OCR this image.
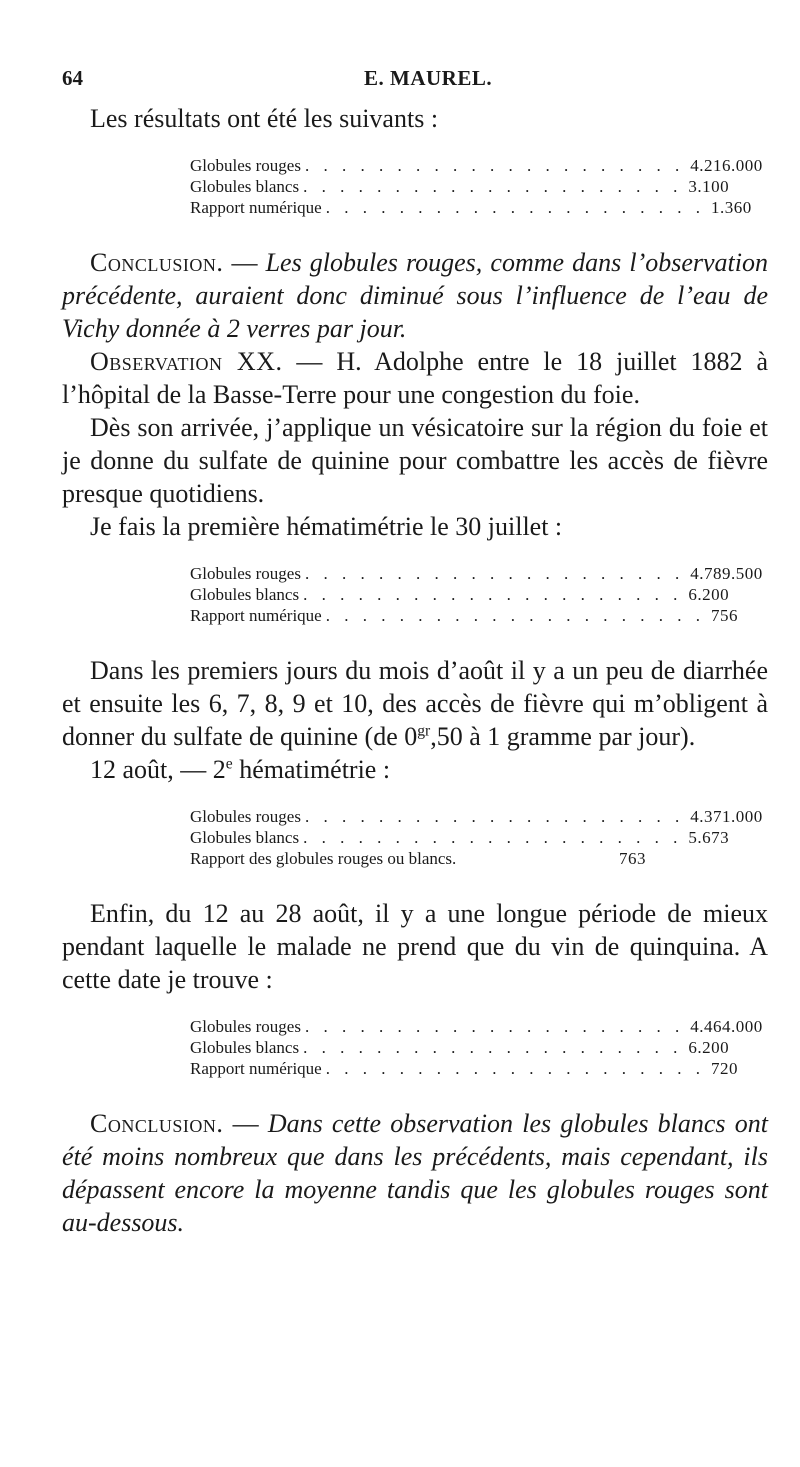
64	E. MAUREL.

Les résultats ont été les suivants :

Globules rouges . . . . . . . . . . . . . . . . . . . . . 4.216.000
Globules blancs . . . . . . . . . . . . . . . . . . . . . 3.100
Rapport numérique . . . . . . . . . . . . . . . . . . . . . 1.360

Conclusion. — Les globules rouges, comme dans l’observation précédente, auraient donc diminué sous l’influence de l’eau de Vichy donnée à 2 verres par jour.

Observation XX. — H. Adolphe entre le 18 juillet 1882 à l’hôpital de la Basse-Terre pour une congestion du foie.

Dès son arrivée, j’applique un vésicatoire sur la région du foie et je donne du sulfate de quinine pour combattre les accès de fièvre presque quotidiens.

Je fais la première hématimétrie le 30 juillet :

Globules rouges . . . . . . . . . . . . . . . . . . . . . 4.789.500
Globules blancs . . . . . . . . . . . . . . . . . . . . . 6.200
Rapport numérique . . . . . . . . . . . . . . . . . . . . . 756

Dans les premiers jours du mois d’août il y a un peu de diarrhée et ensuite les 6, 7, 8, 9 et 10, des accès de fièvre qui m’obligent à donner du sulfate de quinine (de $0^{gr},50$ à 1 gramme par jour).

12 août, — 2e hématimétrie :

Globules rouges . . . . . . . . . . . . . . . . . . . . . 4.371.000
Globules blancs . . . . . . . . . . . . . . . . . . . . . 5.673
Rapport des globules rouges ou blancs.	763

Enfin, du 12 au 28 août, il y a une longue période de mieux pendant laquelle le malade ne prend que du vin de quinquina. A cette date je trouve :

Globules rouges . . . . . . . . . . . . . . . . . . . . . 4.464.000
Globules blancs . . . . . . . . . . . . . . . . . . . . . 6.200
Rapport numérique . . . . . . . . . . . . . . . . . . . . . 720

Conclusion. — Dans cette observation les globules blancs ont été moins nombreux que dans les précédents, mais cependant, ils dépassent encore la moyenne tandis que les globules rouges sont au-dessous.
